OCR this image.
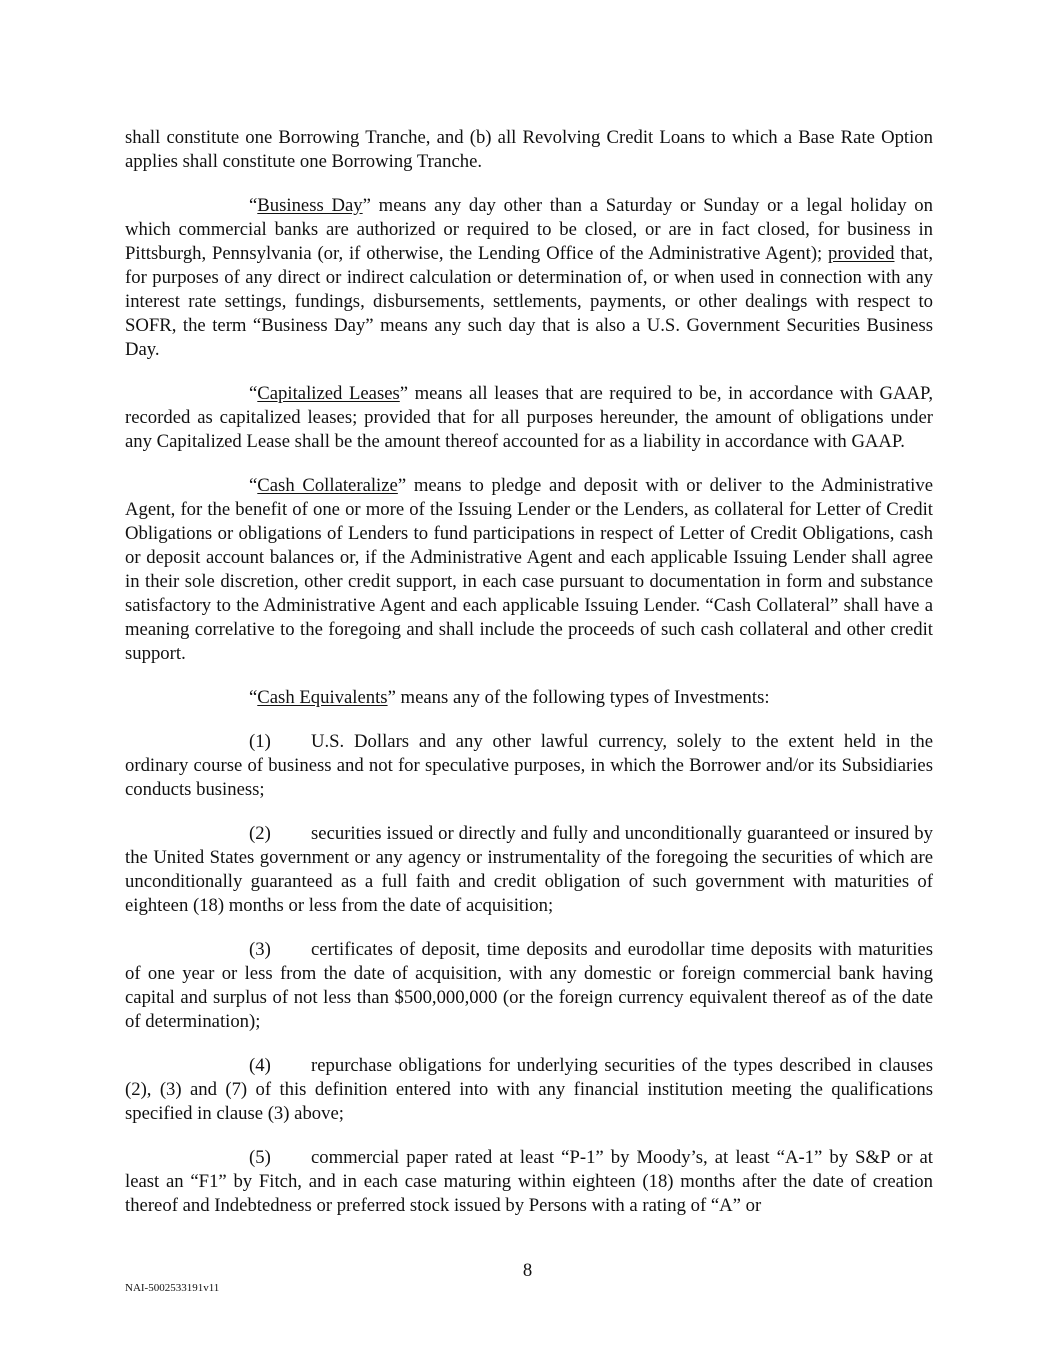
shall constitute one Borrowing Tranche, and (b) all Revolving Credit Loans to which a Base Rate Option applies shall constitute one Borrowing Tranche.

“Business Day” means any day other than a Saturday or Sunday or a legal holiday on which commercial banks are authorized or required to be closed, or are in fact closed, for business in Pittsburgh, Pennsylvania (or, if otherwise, the Lending Office of the Administrative Agent); provided that, for purposes of any direct or indirect calculation or determination of, or when used in connection with any interest rate settings, fundings, disbursements, settlements, payments, or other dealings with respect to SOFR, the term “Business Day” means any such day that is also a U.S. Government Securities Business Day.

“Capitalized Leases” means all leases that are required to be, in accordance with GAAP, recorded as capitalized leases; provided that for all purposes hereunder, the amount of obligations under any Capitalized Lease shall be the amount thereof accounted for as a liability in accordance with GAAP.

“Cash Collateralize” means to pledge and deposit with or deliver to the Administrative Agent, for the benefit of one or more of the Issuing Lender or the Lenders, as collateral for Letter of Credit Obligations or obligations of Lenders to fund participations in respect of Letter of Credit Obligations, cash or deposit account balances or, if the Administrative Agent and each applicable Issuing Lender shall agree in their sole discretion, other credit support, in each case pursuant to documentation in form and substance satisfactory to the Administrative Agent and each applicable Issuing Lender. “Cash Collateral” shall have a meaning correlative to the foregoing and shall include the proceeds of such cash collateral and other credit support.

“Cash Equivalents” means any of the following types of Investments:

(1) U.S. Dollars and any other lawful currency, solely to the extent held in the ordinary course of business and not for speculative purposes, in which the Borrower and/or its Subsidiaries conducts business;

(2) securities issued or directly and fully and unconditionally guaranteed or insured by the United States government or any agency or instrumentality of the foregoing the securities of which are unconditionally guaranteed as a full faith and credit obligation of such government with maturities of eighteen (18) months or less from the date of acquisition;

(3) certificates of deposit, time deposits and eurodollar time deposits with maturities of one year or less from the date of acquisition, with any domestic or foreign commercial bank having capital and surplus of not less than $500,000,000 (or the foreign currency equivalent thereof as of the date of determination);

(4) repurchase obligations for underlying securities of the types described in clauses (2), (3) and (7) of this definition entered into with any financial institution meeting the qualifications specified in clause (3) above;

(5) commercial paper rated at least “P-1” by Moody’s, at least “A-1” by S&P or at least an “F1” by Fitch, and in each case maturing within eighteen (18) months after the date of creation thereof and Indebtedness or preferred stock issued by Persons with a rating of “A” or

8
NAI-5002533191v11
